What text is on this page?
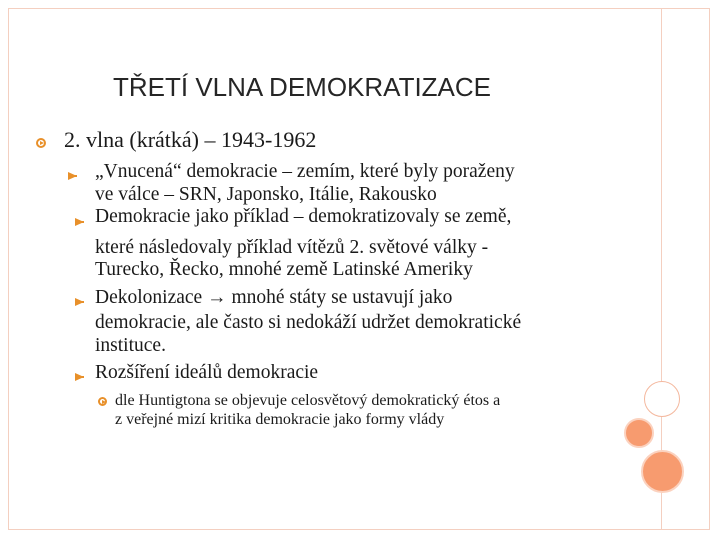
TŘETÍ VLNA DEMOKRATIZACE

2. vlna (krátká) – 1943-1962

„Vnucená“ demokracie – zemím, které byly poraženy

ve válce – SRN, Japonsko, Itálie, Rakousko

Demokracie jako příklad – demokratizovaly se země,

které následovaly příklad vítězů 2. světové války -

Turecko, Řecko, mnohé země Latinské Ameriky

Dekolonizace → mnohé státy se ustavují jako

demokracie, ale často si nedokáží udržet demokratické

instituce.

Rozšíření ideálů demokracie

dle Huntigtona se objevuje celosvětový demokratický étos a

z veřejné mizí kritika demokracie jako formy vlády
